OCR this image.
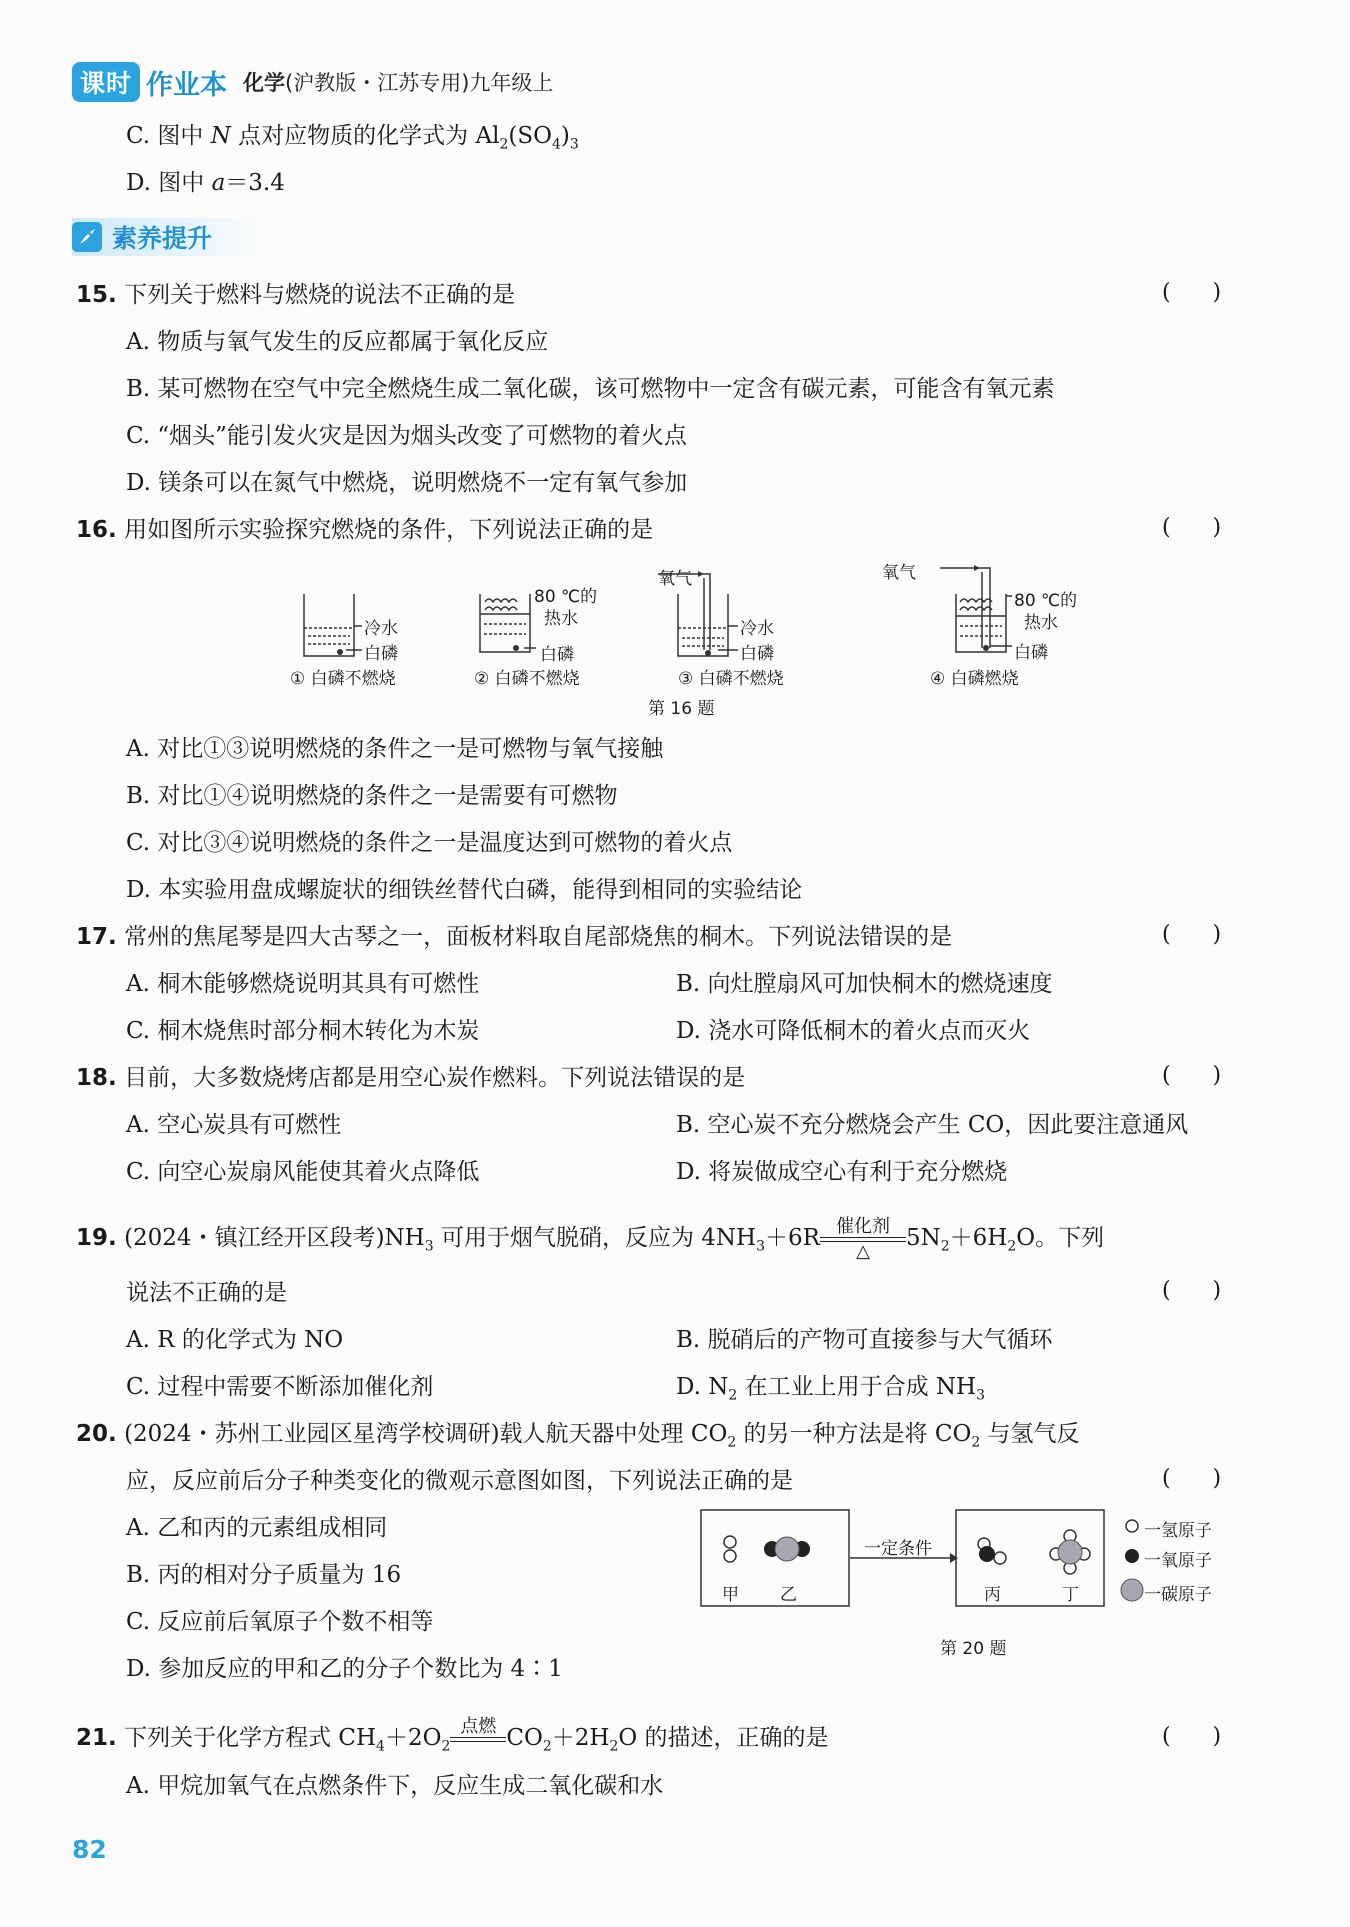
课时 作业本 化学(沪教版・江苏专用)九年级上
C. 图中 N 点对应物质的化学式为 $Al_2(SO_4)_3$
D. 图中 a＝3.4
素养提升
15. 下列关于燃料与燃烧的说法不正确的是	(      )
A. 物质与氧气发生的反应都属于氧化反应
B. 某可燃物在空气中完全燃烧生成二氧化碳，该可燃物中一定含有碳元素，可能含有氧元素
C. “烟头”能引发火灾是因为烟头改变了可燃物的着火点
D. 镁条可以在氮气中燃烧，说明燃烧不一定有氧气参加
16. 用如图所示实验探究燃烧的条件，下列说法正确的是	(      )
冷水
白磷
80 ℃的
热水
白磷
氧气
冷水
白磷
氧气
80 ℃的
热水
白磷
① 白磷不燃烧	② 白磷不燃烧	③ 白磷不燃烧	④ 白磷燃烧
第 16 题
A. 对比①③说明燃烧的条件之一是可燃物与氧气接触
B. 对比①④说明燃烧的条件之一是需要有可燃物
C. 对比③④说明燃烧的条件之一是温度达到可燃物的着火点
D. 本实验用盘成螺旋状的细铁丝替代白磷，能得到相同的实验结论
17. 常州的焦尾琴是四大古琴之一，面板材料取自尾部烧焦的桐木。下列说法错误的是	(      )
A. 桐木能够燃烧说明其具有可燃性	B. 向灶膛扇风可加快桐木的燃烧速度
C. 桐木烧焦时部分桐木转化为木炭	D. 浇水可降低桐木的着火点而灭火
18. 目前，大多数烧烤店都是用空心炭作燃料。下列说法错误的是	(      )
A. 空心炭具有可燃性	B. 空心炭不充分燃烧会产生 CO，因此要注意通风
C. 向空心炭扇风能使其着火点降低	D. 将炭做成空心有利于充分燃烧
19. (2024・镇江经开区段考)$NH_3$ 可用于烟气脱硝，反应为 $4NH_3+6R$ 催化剂
△	$5N_2+6H_2O$。下列
说法不正确的是	(      )
A. R 的化学式为 NO	B. 脱硝后的产物可直接参与大气循环
C. 过程中需要不断添加催化剂	D. $N_2$ 在工业上用于合成 $NH_3$
20. (2024・苏州工业园区星湾学校调研)载人航天器中处理 $CO_2$ 的另一种方法是将 $CO_2$ 与氢气反
应，反应前后分子种类变化的微观示意图如图，下列说法正确的是	(      )
A. 乙和丙的元素组成相同
B. 丙的相对分子质量为 16
C. 反应前后氧原子个数不相等
D. 参加反应的甲和乙的分子个数比为 4∶1
甲 乙	丙	丁
一定条件
一氢原子
一氧原子
一碳原子
第 20 题
21. 下列关于化学方程式 $CH_4+2O_2$
点燃
$CO_2+2H_2O$ 的描述，正确的是	(      )
A. 甲烷加氧气在点燃条件下，反应生成二氧化碳和水
82
